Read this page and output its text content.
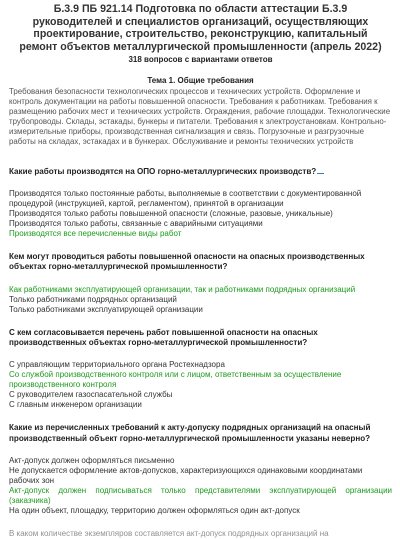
Б.3.9 ПБ 921.14 Подготовка по области аттестации Б.3.9 руководителей и специалистов организаций, осуществляющих проектирование, строительство, реконструкцию, капитальный ремонт объектов металлургической промышленности (апрель 2022)
318 вопросов с вариантами ответов
Тема 1. Общие требования
Требования безопасности технологических процессов и технических устройств. Оформление и контроль документации на работы повышенной опасности. Требования к работникам. Требования к размещению рабочих мест и технических устройств. Ограждения, рабочие площадки. Технологические трубопроводы. Склады, эстакады, бункеры и питатели. Требования к электроустановкам. Контрольно-измерительные приборы, производственная сигнализация и связь. Погрузочные и разгрузочные работы на складах, эстакадах и в бункерах. Обслуживание и ремонты технических устройств
Какие работы производятся на ОПО горно-металлургических производств?
Производятся только постоянные работы, выполняемые в соответствии с документированной процедурой (инструкцией, картой, регламентом), принятой в организации
Производятся только работы повышенной опасности (сложные, разовые, уникальные)
Производятся только работы, связанные с аварийными ситуациями
Производятся все перечисленные виды работ
Кем могут проводиться работы повышенной опасности на опасных производственных объектах горно-металлургической промышленности?
Как работниками эксплуатирующей организации, так и работниками подрядных организаций
Только работниками подрядных организаций
Только работниками эксплуатирующей организации
С кем согласовывается перечень работ повышенной опасности на опасных производственных объектах горно-металлургической промышленности?
С управляющим территориального органа Ростехнадзора
Со службой производственного контроля или с лицом, ответственным за осуществление производственного контроля
С руководителем газоспасательной службы
С главным инженером организации
Какие из перечисленных требований к акту-допуску подрядных организаций на опасный производственный объект горно-металлургической промышленности указаны неверно?
Акт-допуск должен оформляться письменно
Не допускается оформление актов-допусков, характеризующихся одинаковыми координатами рабочих зон
Акт-допуск должен подписываться только представителями эксплуатирующей организации (заказчика)
На один объект, площадку, территорию должен оформляться один акт-допуск
В каком количестве экземпляров составляется акт-допуск подрядных организаций на
